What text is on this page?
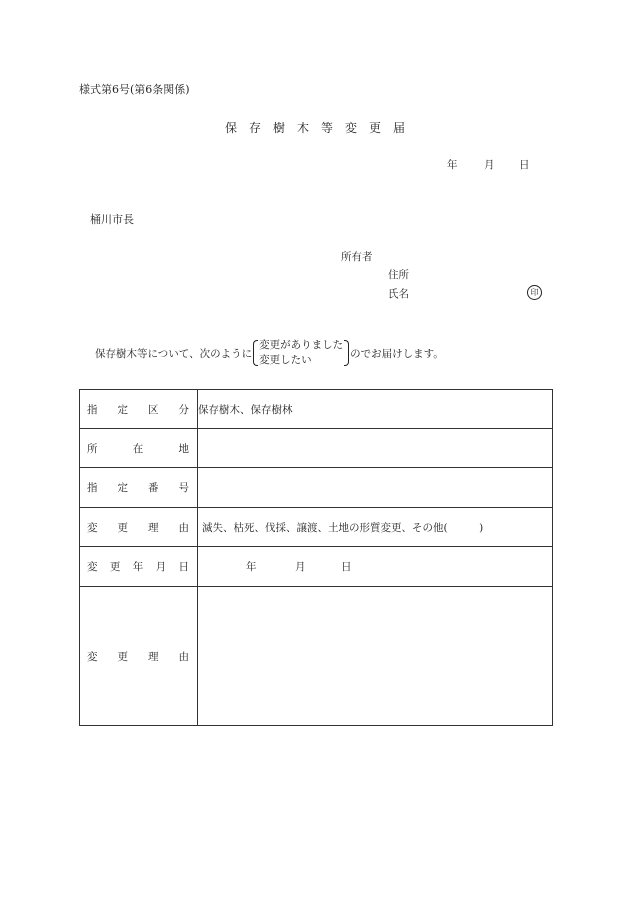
様式第6号(第6条関係)
保　存　樹　木　等　変　更　届
年	月 日
桶川市長
所有者
住所
氏名	印
保存樹木等について、次のように
変更がありました
変更したい
のでお届けします。
指 定 区 分	保存樹木、保存樹林

所 在 地	

指 定 番 号	

変 更 理 由	滅失、枯死、伐採、譲渡、土地の形質変更、その他(　　　)

変 更 年 月 日	年 月 日

変 更 理 由	
